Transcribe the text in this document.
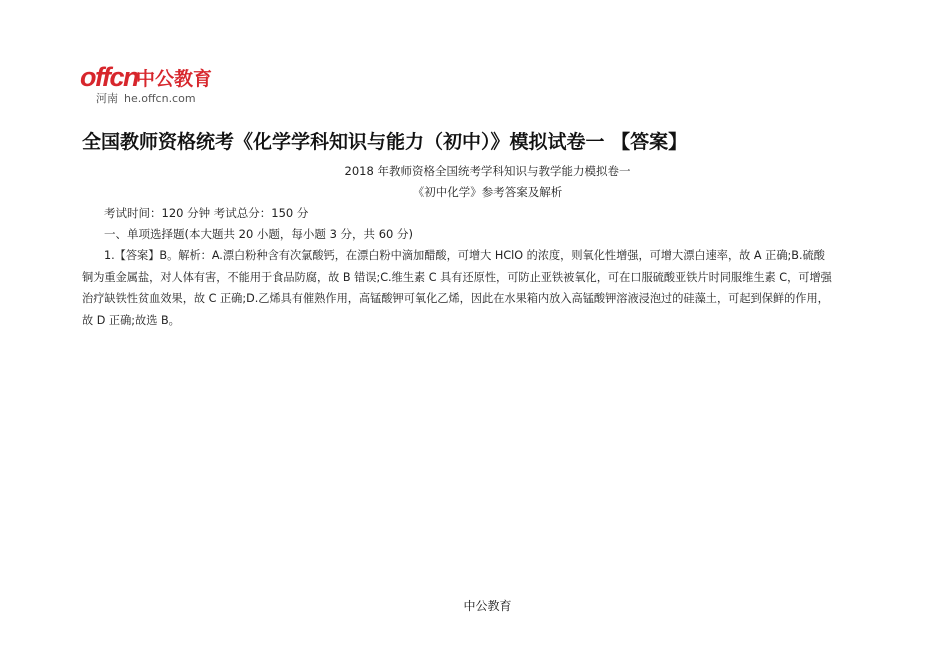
offcn
中公教育
河南 he.offcn.com
全国教师资格统考《化学学科知识与能力（初中）》模拟试卷一 【答案】
2018 年教师资格全国统考学科知识与教学能力模拟卷一
《初中化学》参考答案及解析
考试时间：120 分钟 考试总分：150 分
一、单项选择题(本大题共 20 小题，每小题 3 分，共 60 分)
1.【答案】B。解析：A.漂白粉种含有次氯酸钙，在漂白粉中滴加醋酸，可增大 HClO 的浓度，则氧化性增强，可增大漂白速率，故 A 正确;B.硫酸
铜为重金属盐，对人体有害，不能用于食品防腐，故 B 错误;C.维生素 C 具有还原性，可防止亚铁被氧化，可在口服硫酸亚铁片时同服维生素 C，可增强
治疗缺铁性贫血效果，故 C 正确;D.乙烯具有催熟作用，高锰酸钾可氧化乙烯，因此在水果箱内放入高锰酸钾溶液浸泡过的硅藻土，可起到保鲜的作用，
故 D 正确;故选 B。
中公教育
